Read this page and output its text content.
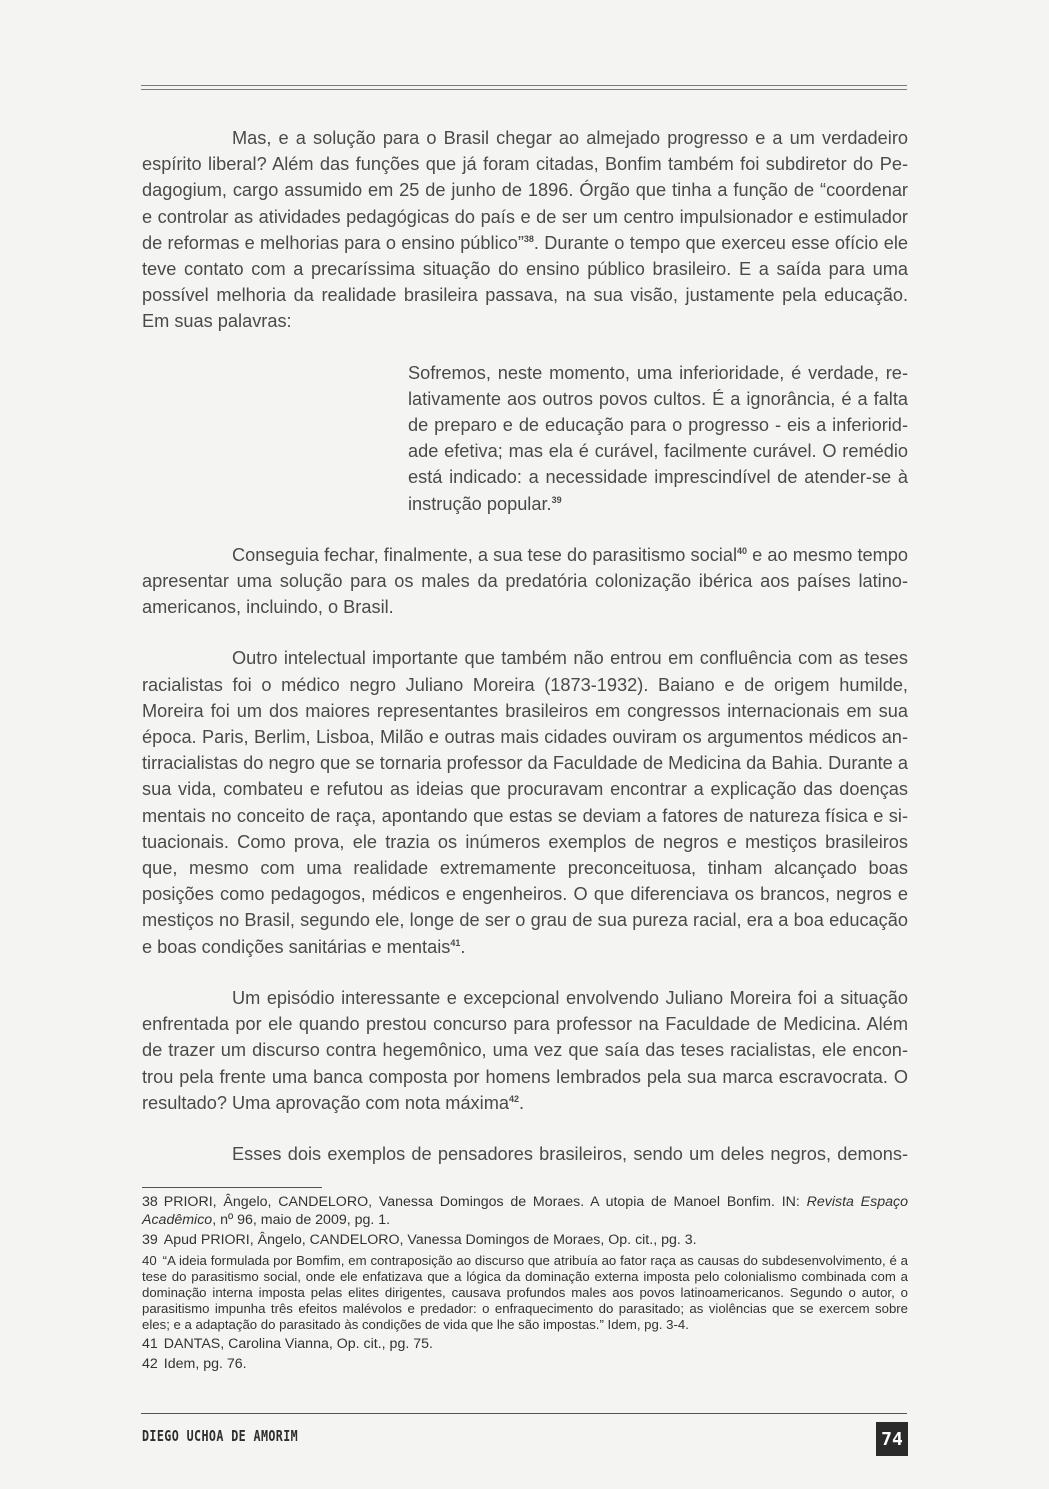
Mas, e a solução para o Brasil chegar ao almejado progresso e a um verdadeiro espírito liberal? Além das funções que já foram citadas, Bonfim também foi subdiretor do Pedagogium, cargo assumido em 25 de junho de 1896. Órgão que tinha a função de “coordenar e controlar as atividades pedagógicas do país e de ser um centro impulsionador e estimulador de reformas e melhorias para o ensino público”$^{38}$. Durante o tempo que exerceu esse ofício ele teve contato com a precaríssima situação do ensino público brasileiro. E a saída para uma possível melhoria da realidade brasileira passava, na sua visão, justamente pela educação. Em suas palavras:

Sofremos, neste momento, uma inferioridade, é verdade, relativamente aos outros povos cultos. É a ignorância, é a falta de preparo e de educação para o progresso - eis a inferioridade efetiva; mas ela é curável, facilmente curável. O remédio está indicado: a necessidade imprescindível de atender-se à instrução popular.$^{39}$

Conseguia fechar, finalmente, a sua tese do parasitismo social$^{40}$ e ao mesmo tempo apresentar uma solução para os males da predatória colonização ibérica aos países latinoamericanos, incluindo, o Brasil.

Outro intelectual importante que também não entrou em confluência com as teses racialistas foi o médico negro Juliano Moreira (1873-1932). Baiano e de origem humilde, Moreira foi um dos maiores representantes brasileiros em congressos internacionais em sua época. Paris, Berlim, Lisboa, Milão e outras mais cidades ouviram os argumentos médicos antirracialistas do negro que se tornaria professor da Faculdade de Medicina da Bahia. Durante a sua vida, combateu e refutou as ideias que procuravam encontrar a explicação das doenças mentais no conceito de raça, apontando que estas se deviam a fatores de natureza física e situacionais. Como prova, ele trazia os inúmeros exemplos de negros e mestiços brasileiros que, mesmo com uma realidade extremamente preconceituosa, tinham alcançado boas posições como pedagogos, médicos e engenheiros. O que diferenciava os brancos, negros e mestiços no Brasil, segundo ele, longe de ser o grau de sua pureza racial, era a boa educação e boas condições sanitárias e mentais$^{41}$.

Um episódio interessante e excepcional envolvendo Juliano Moreira foi a situação enfrentada por ele quando prestou concurso para professor na Faculdade de Medicina. Além de trazer um discurso contra hegemônico, uma vez que saía das teses racialistas, ele encontrou pela frente uma banca composta por homens lembrados pela sua marca escravocrata. O resultado? Uma aprovação com nota máxima$^{42}$.

Esses dois exemplos de pensadores brasileiros, sendo um deles negros, demons-

38 PRIORI, Ângelo, CANDELORO, Vanessa Domingos de Moraes. A utopia de Manoel Bonfim. IN: Revista Espaço Acadêmico, nº 96, maio de 2009, pg. 1.
39 Apud PRIORI, Ângelo, CANDELORO, Vanessa Domingos de Moraes, Op. cit., pg. 3.
40 “A ideia formulada por Bomfim, em contraposição ao discurso que atribuía ao fator raça as causas do subdesenvolvimento, é a tese do parasitismo social, onde ele enfatizava que a lógica da dominação externa imposta pelo colonialismo combinada com a dominação interna imposta pelas elites dirigentes, causava profundos males aos povos latinoamericanos. Segundo o autor, o parasitismo impunha três efeitos malévolos e predador: o enfraquecimento do parasitado; as violências que se exercem sobre eles; e a adaptação do parasitado às condições de vida que lhe são impostas.” Idem, pg. 3-4.
41 DANTAS, Carolina Vianna, Op. cit., pg. 75.
42 Idem, pg. 76.
DIEGO UCHOA DE AMORIM	74
